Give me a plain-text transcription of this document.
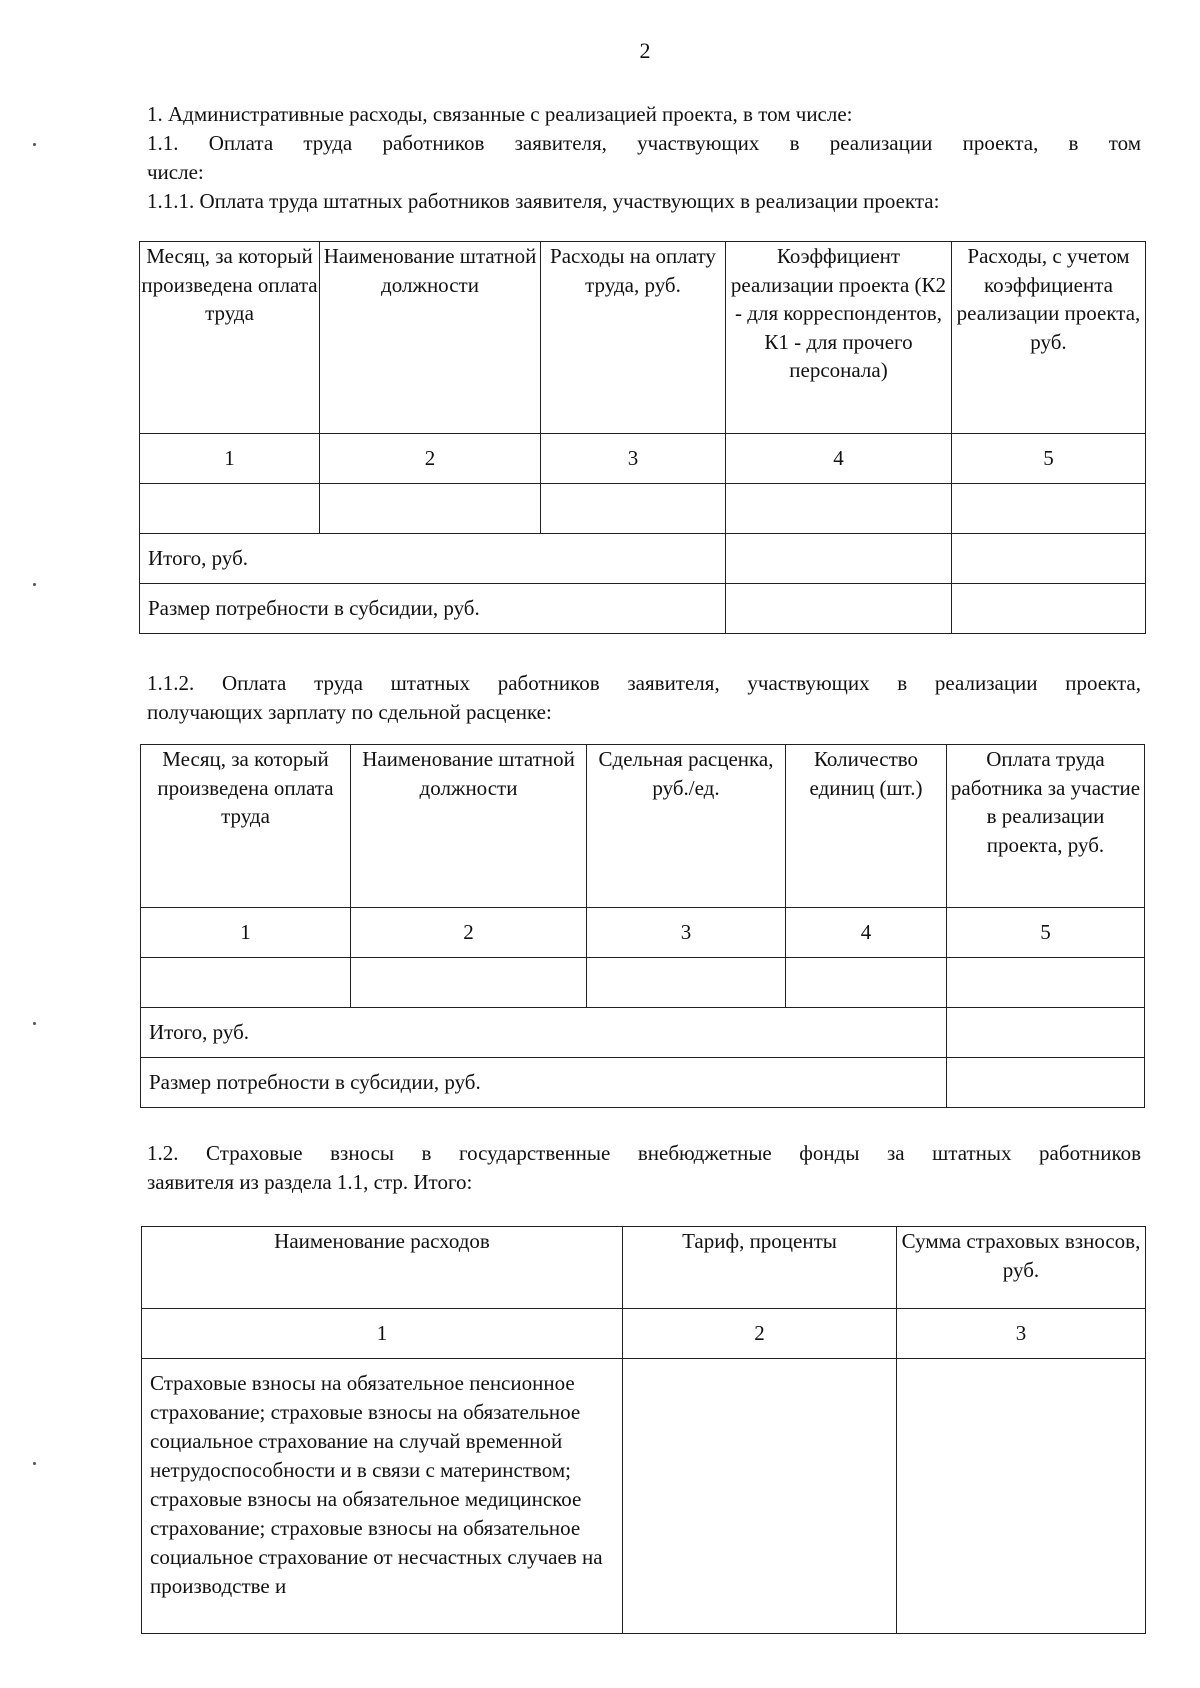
2
1. Административные расходы, связанные с реализацией проекта, в том числе:
1.1. Оплата труда работников заявителя, участвующих в реализации проекта, в том
числе:
1.1.1. Оплата труда штатных работников заявителя, участвующих в реализации проекта:
Месяц, за который произведена оплата труда	Наименование штатной должности	Расходы на оплату труда, руб.	Коэффициент реализации проекта (К2 - для корреспондентов, К1 - для прочего персонала)	Расходы, с учетом коэффициента реализации проекта, руб.
1	2	3	4	5

Итого, руб.				
Размер потребности в субсидии, руб.				
1.1.2. Оплата труда штатных работников заявителя, участвующих в реализации проекта,
получающих зарплату по сдельной расценке:
Месяц, за который произведена оплата труда	Наименование штатной должности	Сдельная расценка, руб./ед.	Количество единиц (шт.)	Оплата труда работника за участие в реализации проекта, руб.
1	2	3	4	5

Итого, руб.				
Размер потребности в субсидии, руб.				
1.2. Страховые взносы в государственные внебюджетные фонды за штатных работников
заявителя из раздела 1.1, стр. Итого:
Наименование расходов	Тариф, проценты	Сумма страховых взносов, руб.
1	2	3
Страховые взносы на обязательное пенсионное страхование; страховые взносы на обязательное социальное страхование на случай временной нетрудоспособности и в связи с материнством; страховые взносы на обязательное медицинское страхование; страховые взносы на обязательное социальное страхование от несчастных случаев на производстве и		
